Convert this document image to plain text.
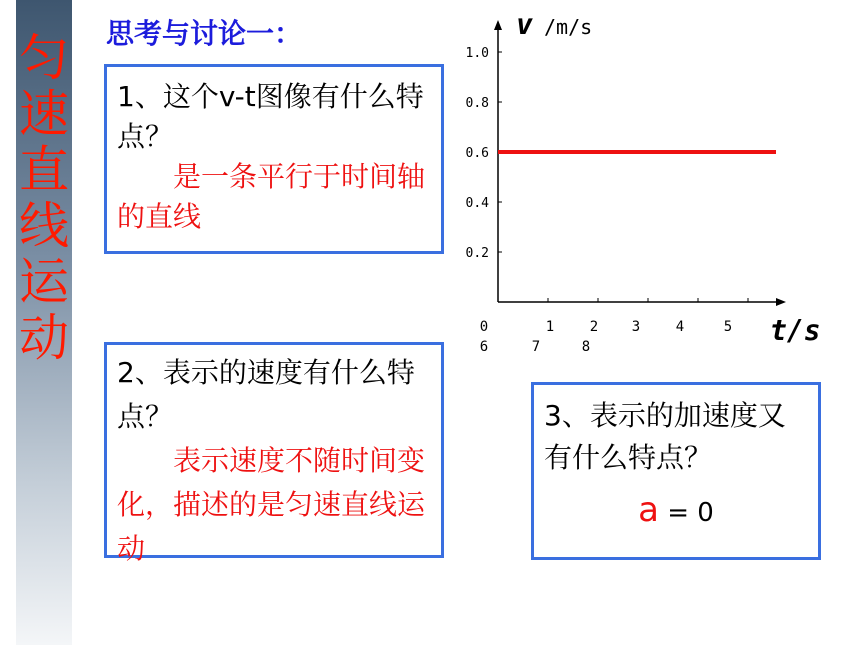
匀
速
直
线
运
动
思考与讨论一：

1、这个v-t图像有什么特点？

是一条平行于时间轴的直线

2、表示的速度有什么特点？

表示速度不随时间变化，描述的是匀速直线运动

3、表示的加速度又有什么特点？

a = 0
v /m/s
t/s
1.0
0.8
0.6
0.4
0.2
0	1	2 3	4	5
6	7	8
